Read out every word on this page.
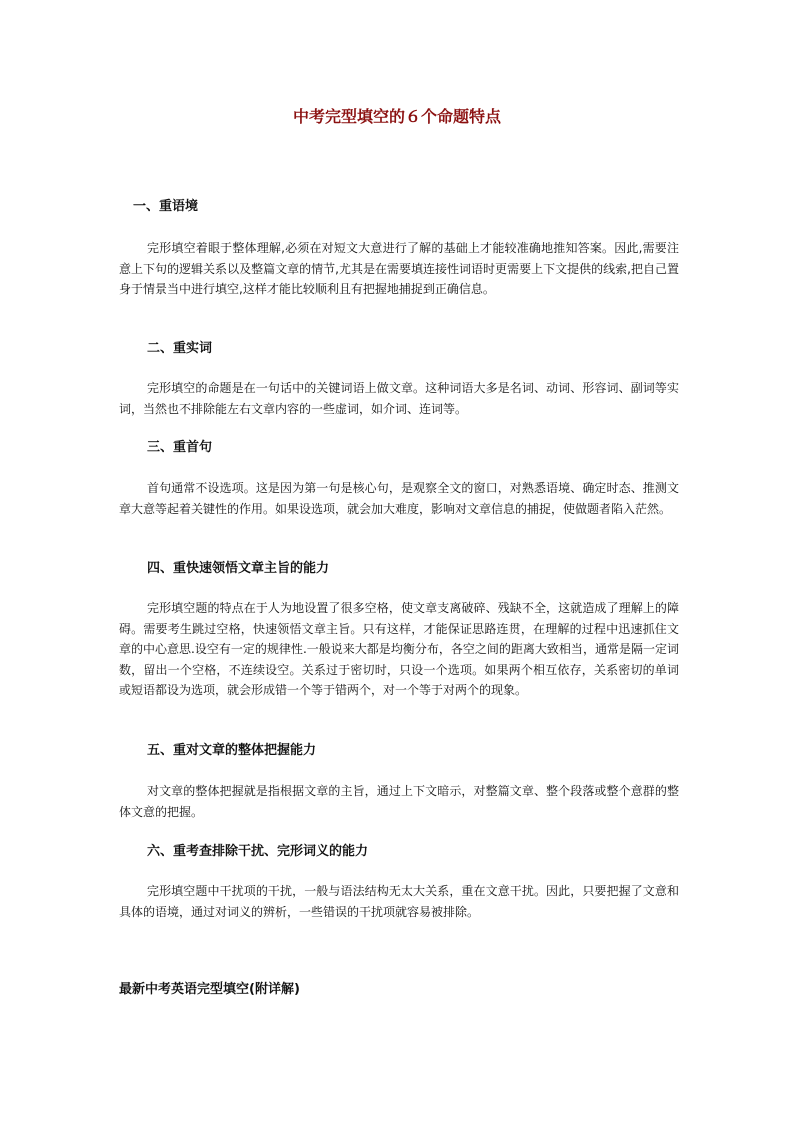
中考完型填空的６个命题特点
一、重语境

完形填空着眼于整体理解,必须在对短文大意进行了解的基础上才能较准确地推知答案。因此,需要注意上下句的逻辑关系以及整篇文章的情节,尤其是在需要填连接性词语时更需要上下文提供的线索,把自己置身于情景当中进行填空,这样才能比较顺利且有把握地捕捉到正确信息。

二、重实词

完形填空的命题是在一句话中的关键词语上做文章。这种词语大多是名词、动词、形容词、副词等实词，当然也不排除能左右文章内容的一些虚词，如介词、连词等。

三、重首句

首句通常不设选项。这是因为第一句是核心句，是观察全文的窗口，对熟悉语境、确定时态、推测文章大意等起着关键性的作用。如果设选项，就会加大难度，影响对文章信息的捕捉，使做题者陷入茫然。

四、重快速领悟文章主旨的能力

完形填空题的特点在于人为地设置了很多空格，使文章支离破碎、残缺不全，这就造成了理解上的障碍。需要考生跳过空格，快速领悟文章主旨。只有这样，才能保证思路连贯，在理解的过程中迅速抓住文章的中心意思.设空有一定的规律性.一般说来大都是均衡分布，各空之间的距离大致相当，通常是隔一定词数，留出一个空格，不连续设空。关系过于密切时，只设一个选项。如果两个相互依存，关系密切的单词或短语都设为选项，就会形成错一个等于错两个，对一个等于对两个的现象。

五、重对文章的整体把握能力

对文章的整体把握就是指根据文章的主旨，通过上下文暗示，对整篇文章、整个段落或整个意群的整体文意的把握。

六、重考查排除干扰、完形词义的能力

完形填空题中干扰项的干扰，一般与语法结构无太大关系，重在文意干扰。因此，只要把握了文意和具体的语境，通过对词义的辨析，一些错误的干扰项就容易被排除。

最新中考英语完型填空(附详解)
